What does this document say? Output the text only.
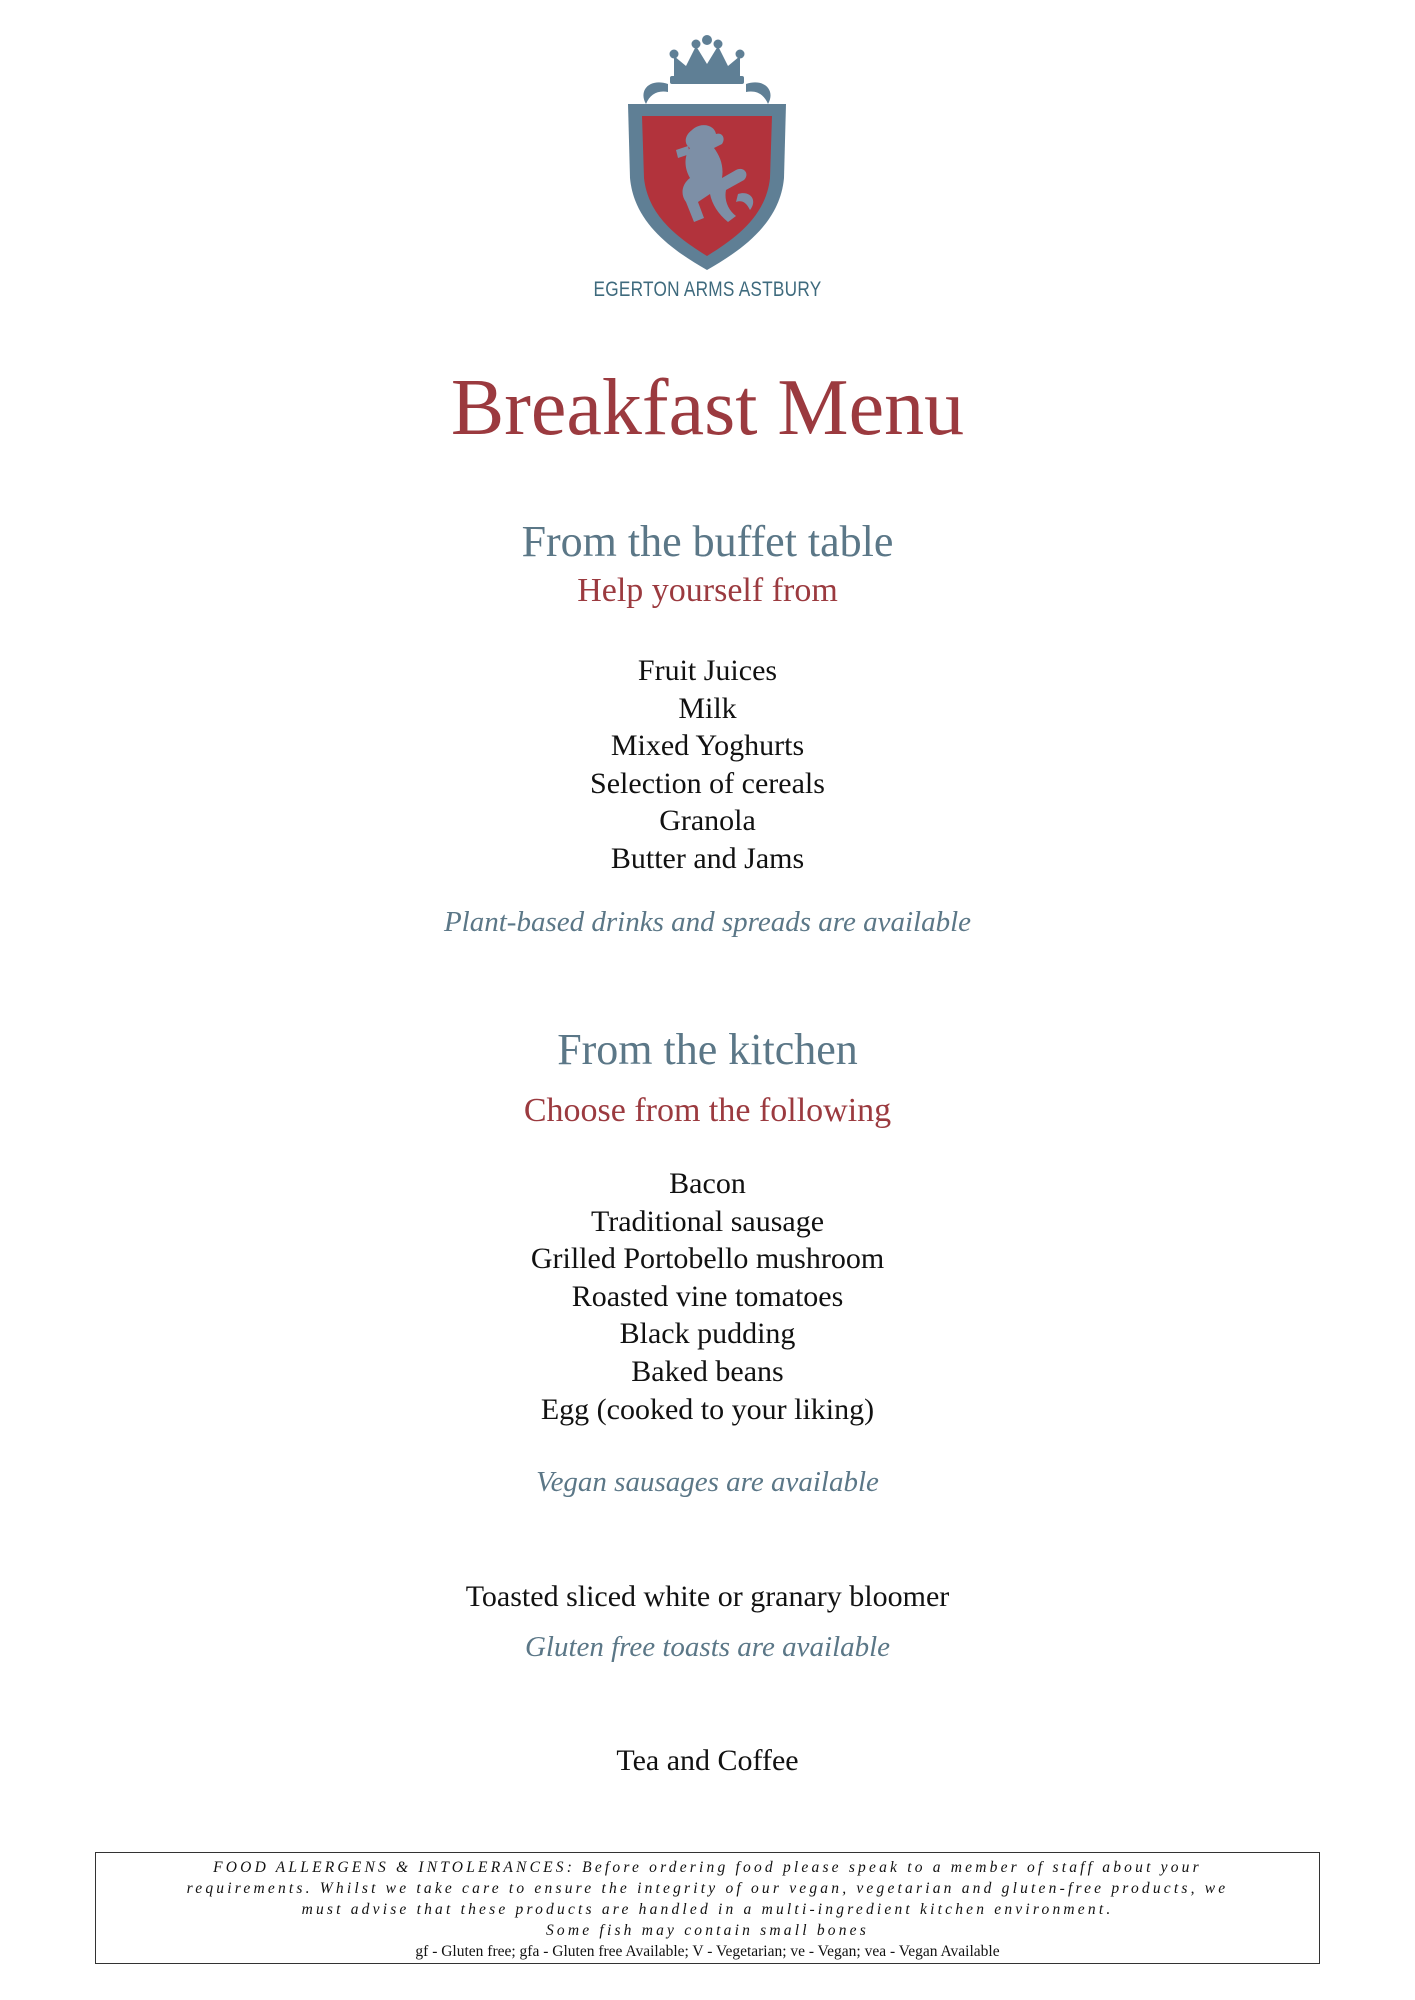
EGERTON ARMS ASTBURY
Breakfast Menu
From the buffet table
Help yourself from
Fruit Juices
Milk
Mixed Yoghurts
Selection of cereals
Granola
Butter and Jams
Plant-based drinks and spreads are available
From the kitchen
Choose from the following
Bacon
Traditional sausage
Grilled Portobello mushroom
Roasted vine tomatoes
Black pudding
Baked beans
Egg (cooked to your liking)
Vegan sausages are available
Toasted sliced white or granary bloomer
Gluten free toasts are available
Tea and Coffee
FOOD ALLERGENS & INTOLERANCES: Before ordering food please speak to a member of staff about your
requirements. Whilst we take care to ensure the integrity of our vegan, vegetarian and gluten-free products, we
must advise that these products are handled in a multi-ingredient kitchen environment.
Some fish may contain small bones
gf - Gluten free; gfa - Gluten free Available; V - Vegetarian; ve - Vegan; vea - Vegan Available
